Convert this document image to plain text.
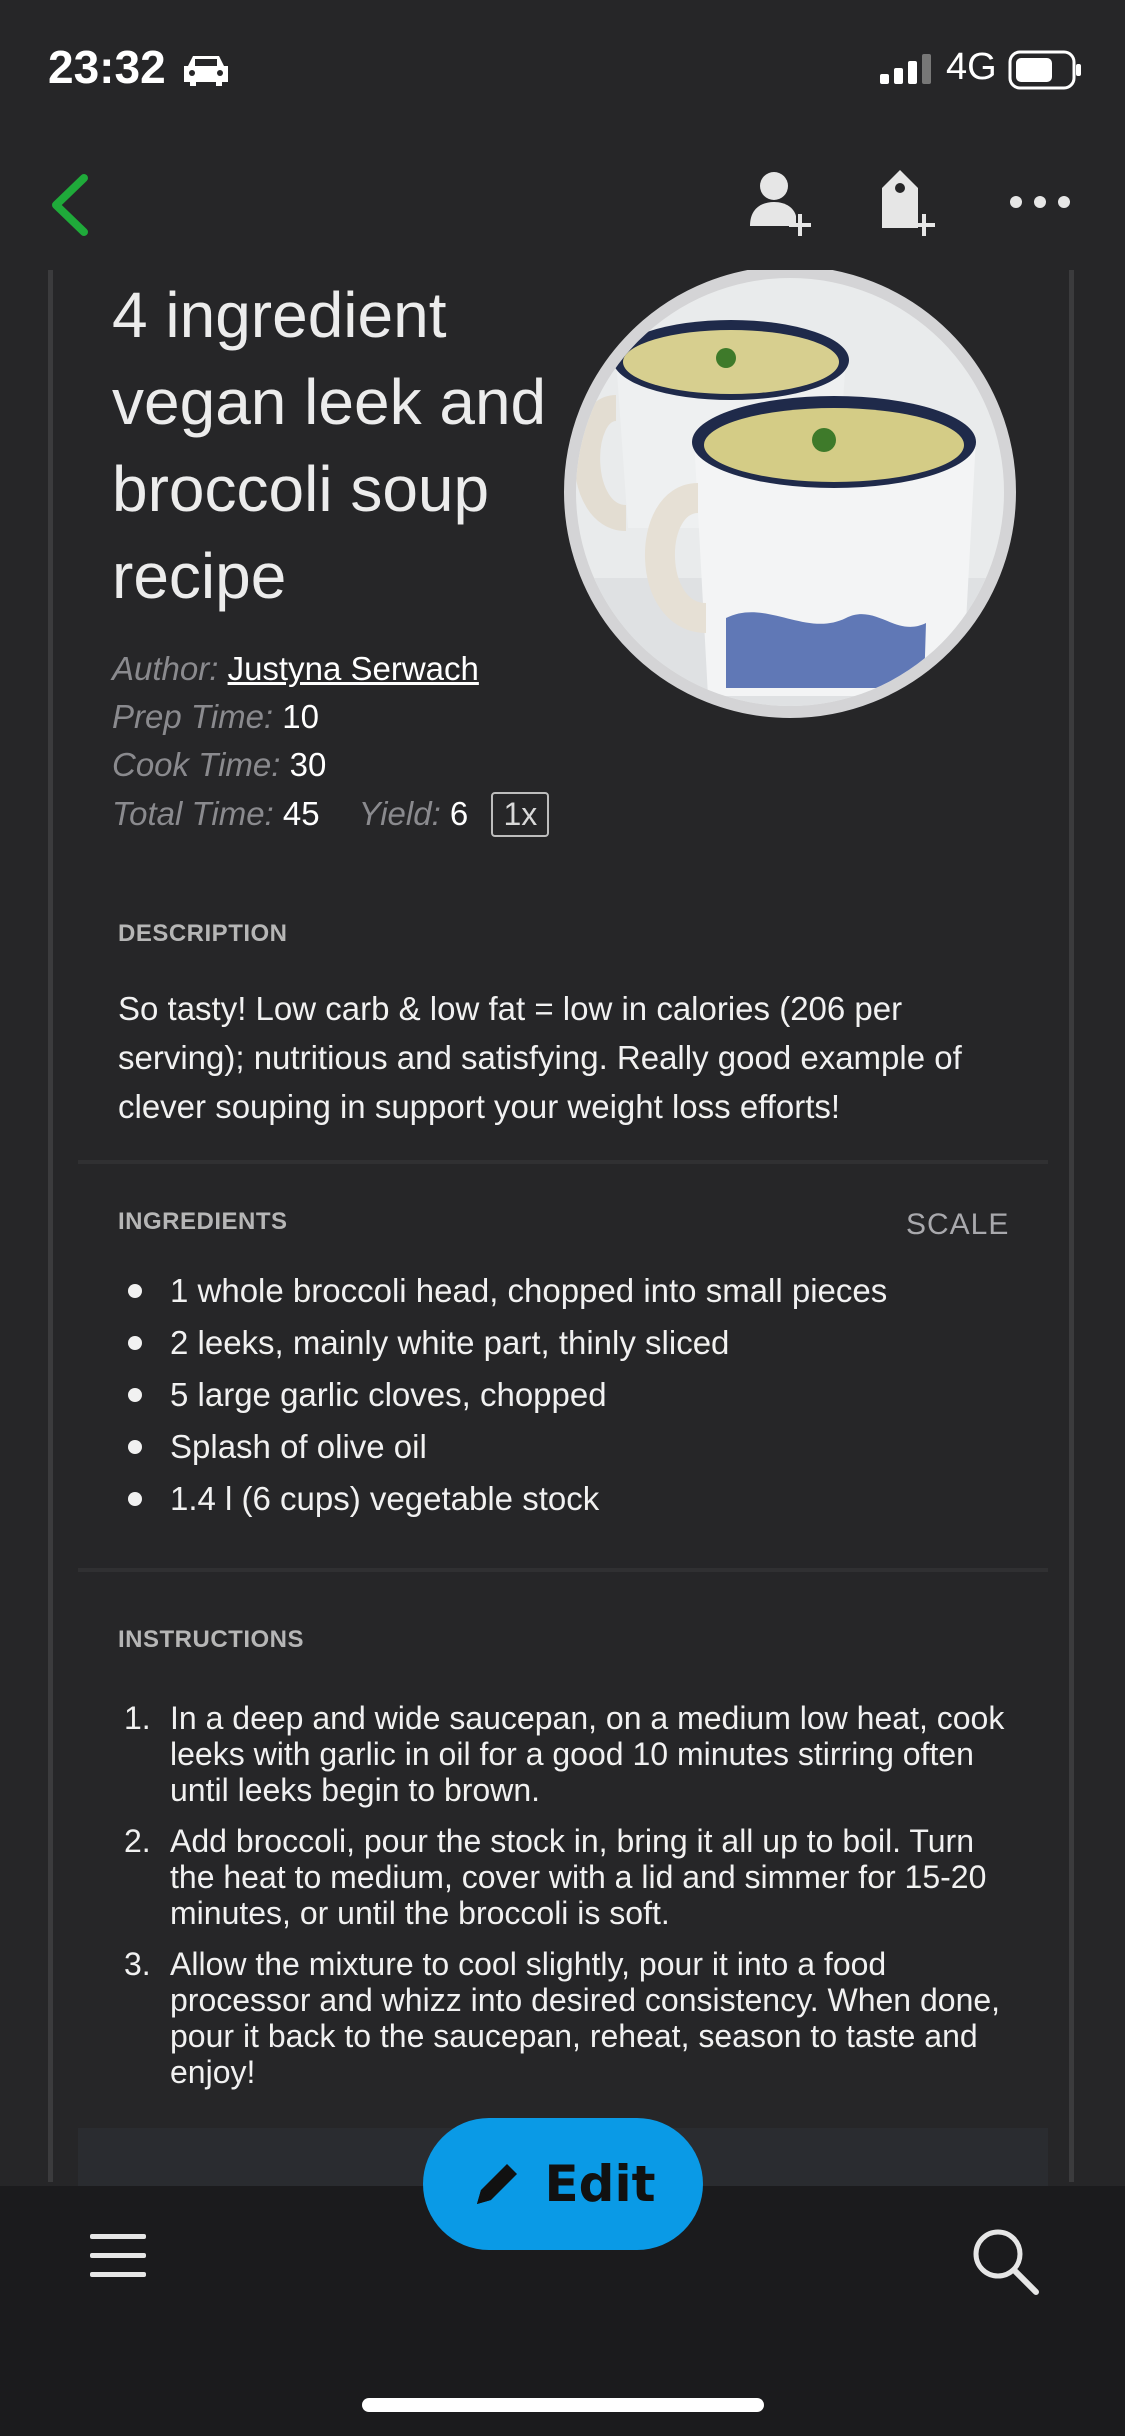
23:32	4G
4 ingredient vegan leek and broccoli soup recipe
Author: Justyna Serwach
Prep Time: 10
Cook Time: 30
Total Time: 45 Yield: 6 1x
DESCRIPTION

So tasty! Low carb & low fat = low in calories (206 per serving); nutritious and satisfying. Really good example of clever souping in support your weight loss efforts!

INGREDIENTS	SCALE
1 whole broccoli head, chopped into small pieces
2 leeks, mainly white part, thinly sliced
5 large garlic cloves, chopped
Splash of olive oil
1.4 l (6 cups) vegetable stock
INSTRUCTIONS
1. In a deep and wide saucepan, on a medium low heat, cook leeks with garlic in oil for a good 10 minutes stirring often until leeks begin to brown.
2. Add broccoli, pour the stock in, bring it all up to boil. Turn the heat to medium, cover with a lid and simmer for 15-20 minutes, or until the broccoli is soft.
3. Allow the mixture to cool slightly, pour it into a food processor and whizz into desired consistency. When done, pour it back to the saucepan, reheat, season to taste and enjoy!
Edit
